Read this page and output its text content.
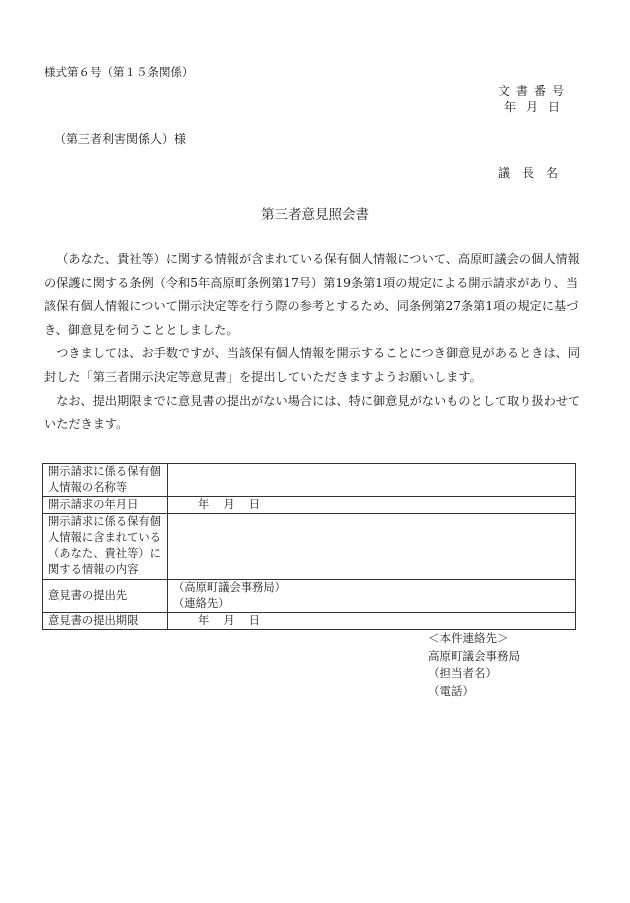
様式第６号（第１５条関係）
文書番号
年月日
（第三者利害関係人）様
議長名
第三者意見照会書

（あなた、貴社等）に関する情報が含まれている保有個人情報について、高原町議会の個人情報の保護に関する条例（令和5年高原町条例第17号）第19条第1項の規定による開示請求があり、当該保有個人情報について開示決定等を行う際の参考とするため、同条例第27条第1項の規定に基づき、御意見を伺うこととしました。

つきましては、お手数ですが、当該保有個人情報を開示することにつき御意見があるときは、同封した「第三者開示決定等意見書」を提出していただきますようお願いします。

なお、提出期限までに意見書の提出がない場合には、特に御意見がないものとして取り扱わせていただきます。

開示請求に係る保有個人情報の名称等	
開示請求の年月日	年 月 日
開示請求に係る保有個人情報に含まれている（あなた、貴社等）に関する情報の内容	
意見書の提出先	（高原町議会事務局）
（連絡先）

意見書の提出期限	年 月 日
＜本件連絡先＞
高原町議会事務局
（担当者名）
（電話）
